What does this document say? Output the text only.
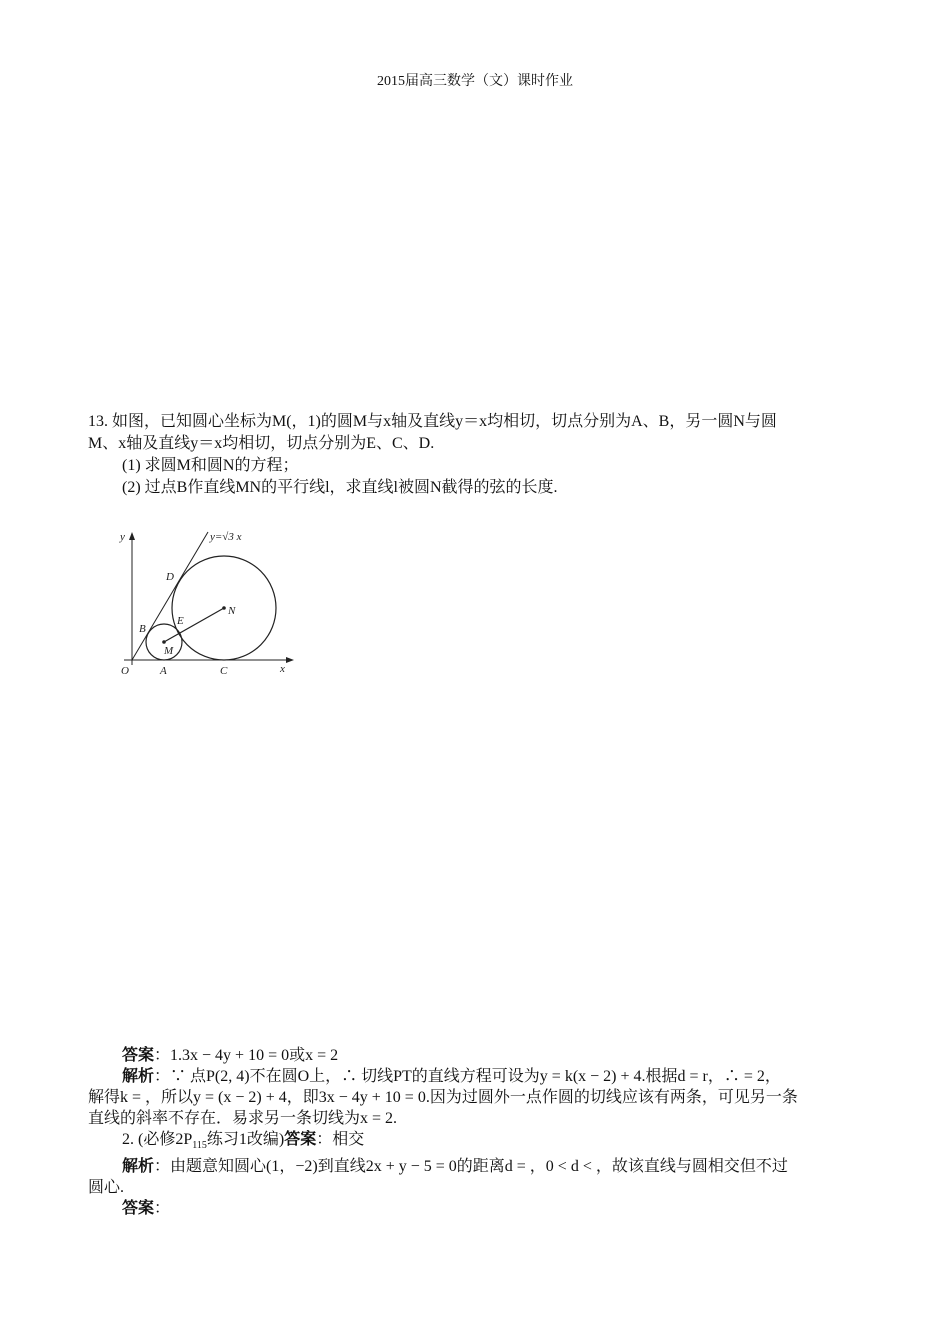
2015届高三数学（文）课时作业

13. 如图，已知圆心坐标为M(，1)的圆M与x轴及直线y＝x均相切，切点分别为A、B，另一圆N与圆

M、x轴及直线y＝x均相切，切点分别为E、C、D.

(1) 求圆M和圆N的方程；

(2) 过点B作直线MN的平行线l，求直线l被圆N截得的弦的长度.

y
x
O
y=√3 x
D
B
E
M
N
A	C

答案：1.3x − 4y + 10 = 0或x = 2

解析：∵ 点P(2, 4)不在圆O上，∴ 切线PT的直线方程可设为y = k(x − 2) + 4.根据d = r，∴ = 2，

解得k = ，所以y = (x − 2) + 4，即3x − 4y + 10 = 0.因为过圆外一点作圆的切线应该有两条，可见另一条

直线的斜率不存在．易求另一条切线为x = 2.

2. (必修$2P_{115}$练习1改编)答案：相交

解析：由题意知圆心(1，−2)到直线2x + y − 5 = 0的距离d = ，0 < d < ，故该直线与圆相交但不过

圆心.

答案：
